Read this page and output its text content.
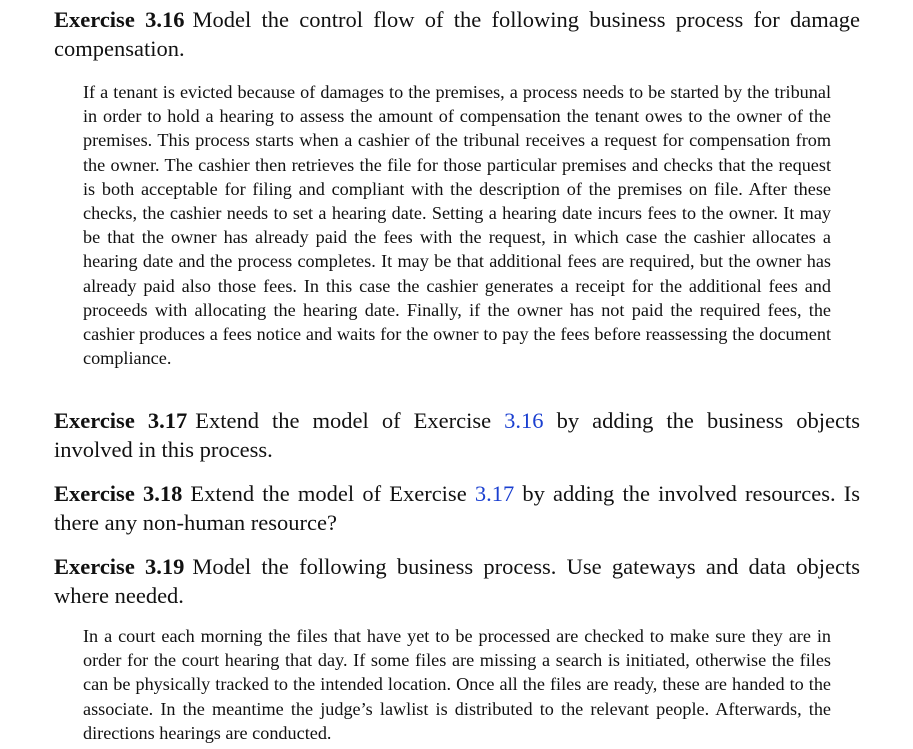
Exercise 3.16 Model the control flow of the following business process for damage compensation.

If a tenant is evicted because of damages to the premises, a process needs to be started by the tribunal in order to hold a hearing to assess the amount of compensation the tenant owes to the owner of the premises. This process starts when a cashier of the tribunal receives a request for compensation from the owner. The cashier then retrieves the file for those particular premises and checks that the request is both acceptable for filing and compliant with the description of the premises on file. After these checks, the cashier needs to set a hearing date. Setting a hearing date incurs fees to the owner. It may be that the owner has already paid the fees with the request, in which case the cashier allocates a hearing date and the process completes. It may be that additional fees are required, but the owner has already paid also those fees. In this case the cashier generates a receipt for the additional fees and proceeds with allocating the hearing date. Finally, if the owner has not paid the required fees, the cashier produces a fees notice and waits for the owner to pay the fees before reassessing the document compliance.

Exercise 3.17 Extend the model of Exercise 3.16 by adding the business objects involved in this process.

Exercise 3.18 Extend the model of Exercise 3.17 by adding the involved resources. Is there any non-human resource?

Exercise 3.19 Model the following business process. Use gateways and data objects where needed.

In a court each morning the files that have yet to be processed are checked to make sure they are in order for the court hearing that day. If some files are missing a search is initiated, otherwise the files can be physically tracked to the intended location. Once all the files are ready, these are handed to the associate. In the meantime the judge’s lawlist is distributed to the relevant people. Afterwards, the directions hearings are conducted.
